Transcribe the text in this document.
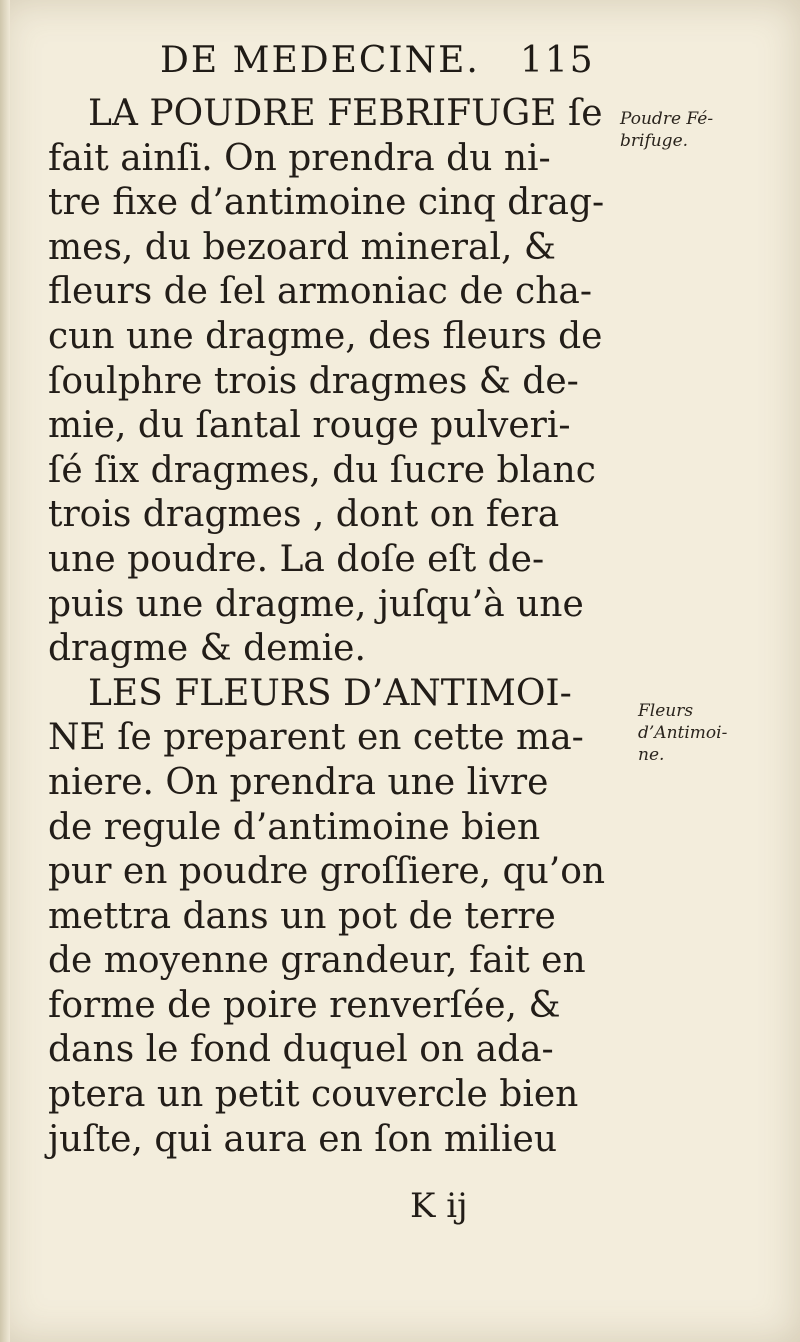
DE MEDECINE. 115
LA POUDRE FEBRIFUGE ſe
fait ainſi. On prendra du ni-
tre fixe d’antimoine cinq drag-
mes, du bezoard mineral, &
fleurs de ſel armoniac de cha-
cun une dragme, des fleurs de
ſoulphre trois dragmes & de-
mie, du ſantal rouge pulveri-
ſé ſix dragmes, du ſucre blanc
trois dragmes , dont on fera
une poudre. La doſe eſt de-
puis une dragme, juſqu’à une
dragme & demie.
LES FLEURS D’ANTIMOI-
NE ſe preparent en cette ma-
niere. On prendra une livre
de regule d’antimoine bien
pur en poudre groſſiere, qu’on
mettra dans un pot de terre
de moyenne grandeur, fait en
forme de poire renverſée, &
dans le fond duquel on ada-
ptera un petit couvercle bien
juſte, qui aura en ſon milieu
Poudre Fé-
brifuge.
Fleurs
d’Antimoi-
ne.
K ij
